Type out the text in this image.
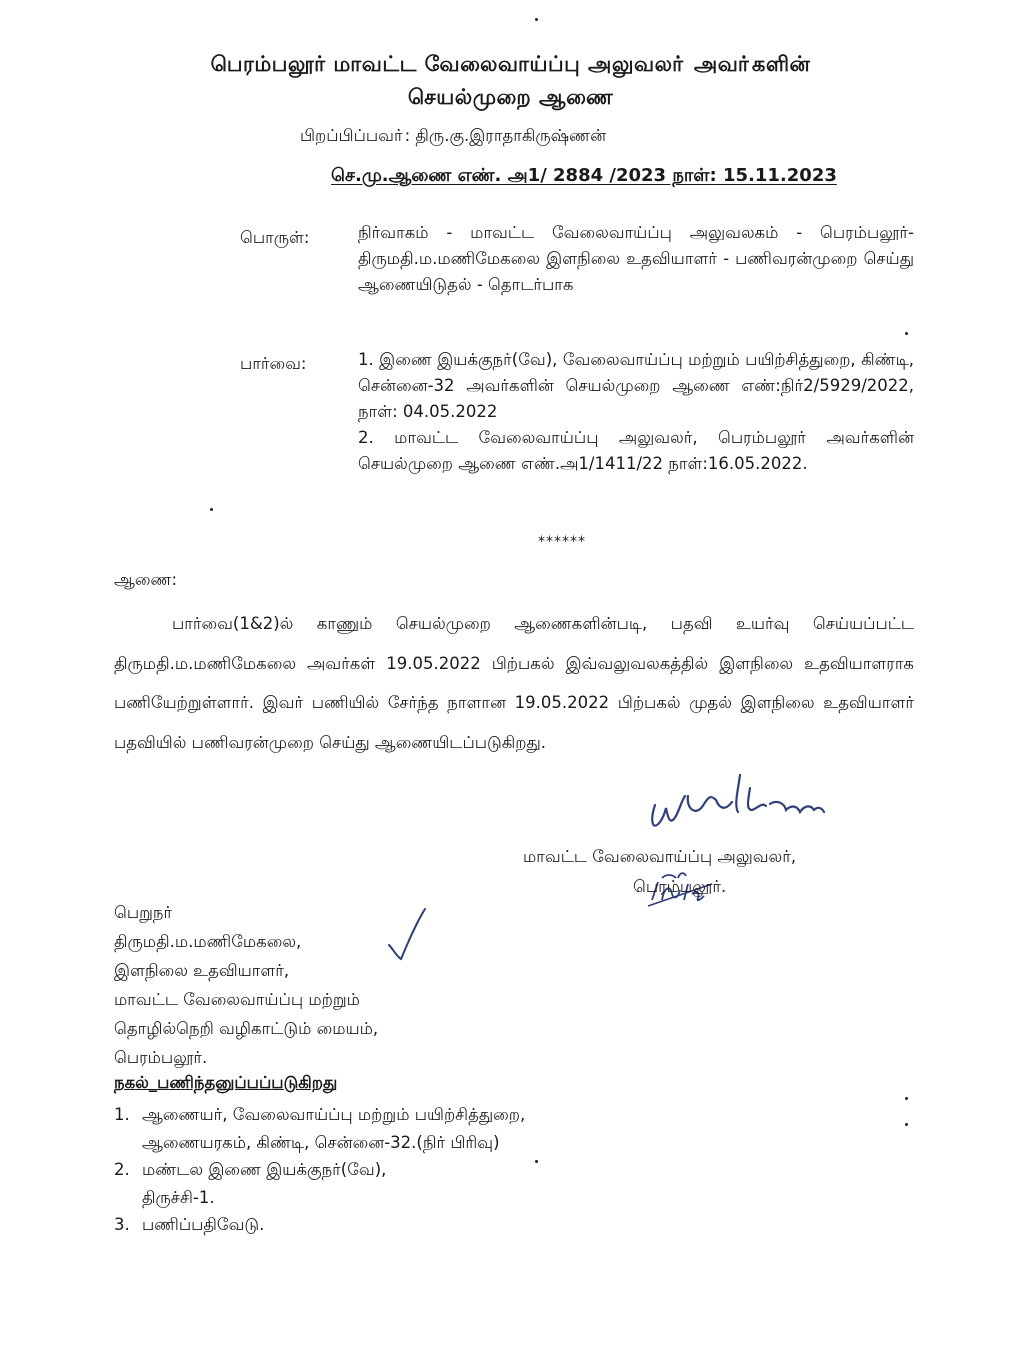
பெரம்பலூர் மாவட்ட வேலைவாய்ப்பு அலுவலா் அவா்களின்
செயல்முறை ஆணை
பிறப்பிப்பவா்: திரு.கு.இராதாகிருஷ்ணன்
செ.மு.ஆணை எண். அ1/ 2884 /2023 நாள்: 15.11.2023
பொருள்:	நிர்வாகம் - மாவட்ட வேலைவாய்ப்பு அலுவலகம் - பெரம்பலூர்- திருமதி.ம.மணிமேகலை இளநிலை உதவியாளர் - பணிவரன்முறை செய்து ஆணையிடுதல் - தொடர்பாக

பார்வை:	1. இணை இயக்குநர்(வே), வேலைவாய்ப்பு மற்றும் பயிற்சித்துறை, கிண்டி, சென்னை-32 அவர்களின் செயல்முறை ஆணை எண்:நிர்2/5929/2022, நாள்: 04.05.2022

2. மாவட்ட வேலைவாய்ப்பு அலுவலர், பெரம்பலூர் அவர்களின் செயல்முறை ஆணை எண்.அ1/1411/22 நாள்:16.05.2022.

******
ஆணை:
பார்வை(1&2)ல் காணும் செயல்முறை ஆணைகளின்படி, பதவி உயர்வு செய்யப்பட்ட திருமதி.ம.மணிமேகலை அவர்கள் 19.05.2022 பிற்பகல் இவ்வலுவலகத்தில் இளநிலை உதவியாளராக பணியேற்றுள்ளார். இவர் பணியில் சேர்ந்த நாளான 19.05.2022 பிற்பகல் முதல் இளநிலை உதவியாளர் பதவியில் பணிவரன்முறை செய்து ஆணையிடப்படுகிறது.
மாவட்ட வேலைவாய்ப்பு அலுவலர்,
பெரம்பலூர்.
பெறுநர்
திருமதி.ம.மணிமேகலை,
இளநிலை உதவியாளர்,
மாவட்ட வேலைவாய்ப்பு மற்றும்
தொழில்நெறி வழிகாட்டும் மையம்,
பெரம்பலூர்.
நகல்_பணிந்தனுப்பப்படுகிறது
1. ஆணையர், வேலைவாய்ப்பு மற்றும் பயிற்சித்துறை,
ஆணையரகம், கிண்டி, சென்னை-32.(நிர் பிரிவு)
2. மண்டல இணை இயக்குநர்(வே),
திருச்சி-1.
3. பணிப்பதிவேடு.
